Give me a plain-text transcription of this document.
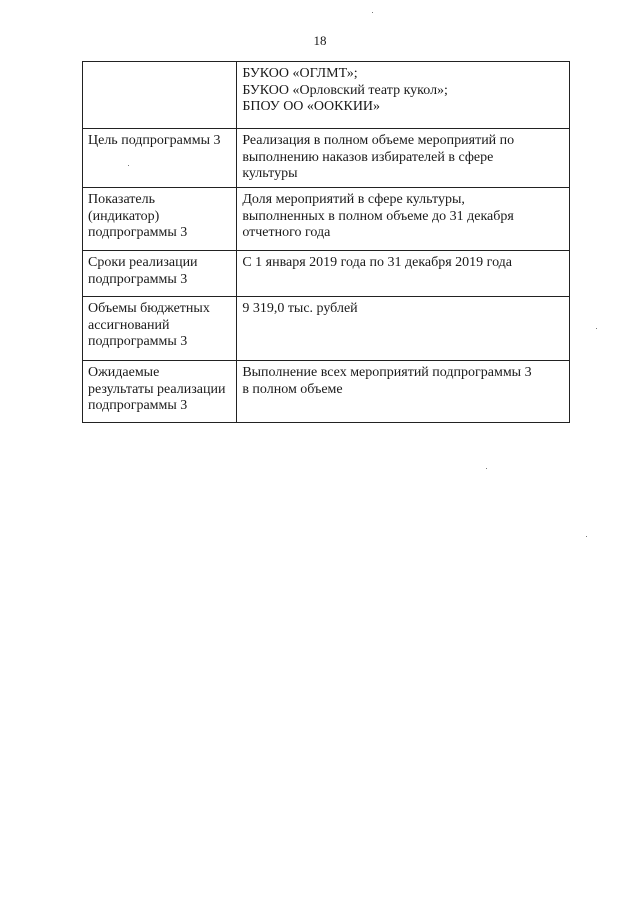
18

	БУКОО «ОГЛМТ»;
БУКОО «Орловский театр кукол»;
БПОУ ОО «ООККИИ»

Цель подпрограммы 3	Реализация в полном объеме мероприятий по
выполнению наказов избирателей в сфере
культуры

Показатель
(индикатор)
подпрограммы 3	Доля мероприятий в сфере культуры,
выполненных в полном объеме до 31 декабря
отчетного года

Сроки реализации
подпрограммы 3	С 1 января 2019 года по 31 декабря 2019 года

Объемы бюджетных
ассигнований
подпрограммы 3	9 319,0 тыс. рублей

Ожидаемые
результаты реализации
подпрограммы 3	Выполнение всех мероприятий подпрограммы 3
в полном объеме
